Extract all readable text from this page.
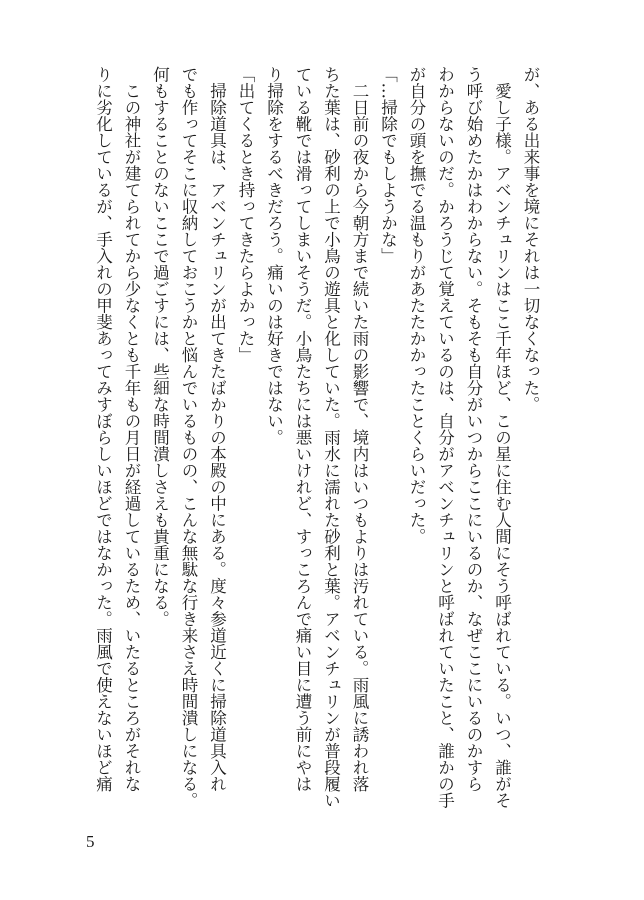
が、ある出来事を境にそれは一切なくなった。
　愛し子様。アベンチュリンはここ千年ほど、この星に住む人間にそう呼ばれている。いつ、誰がそ
う呼び始めたかはわからない。そもそも自分がいつからここにいるのか、なぜここにいるのかすら
わからないのだ。かろうじて覚えているのは、自分がアベンチュリンと呼ばれていたこと、誰かの手
が自分の頭を撫でる温もりがあたたかかったことくらいだった。
「…掃除でもしようかな」
　二日前の夜から今朝方まで続いた雨の影響で、境内はいつもよりは汚れている。雨風に誘われ落
ちた葉は、砂利の上で小鳥の遊具と化していた。雨水に濡れた砂利と葉。アベンチュリンが普段履い
ている靴では滑ってしまいそうだ。小鳥たちには悪いけれど、すっころんで痛い目に遭う前にやは
り掃除をするべきだろう。痛いのは好きではない。
「出てくるとき持ってきたらよかった」
　掃除道具は、アベンチュリンが出てきたばかりの本殿の中にある。度々参道近くに掃除道具入れ
でも作ってそこに収納しておこうかと悩んでいるものの、こんな無駄な行き来さえ時間潰しになる。
何もすることのないここで過ごすには、些細な時間潰しさえも貴重になる。
　この神社が建てられてから少なくとも千年もの月日が経過しているため、いたるところがそれな
りに劣化しているが、手入れの甲斐あってみすぼらしいほどではなかった。雨風で使えないほど痛
5
